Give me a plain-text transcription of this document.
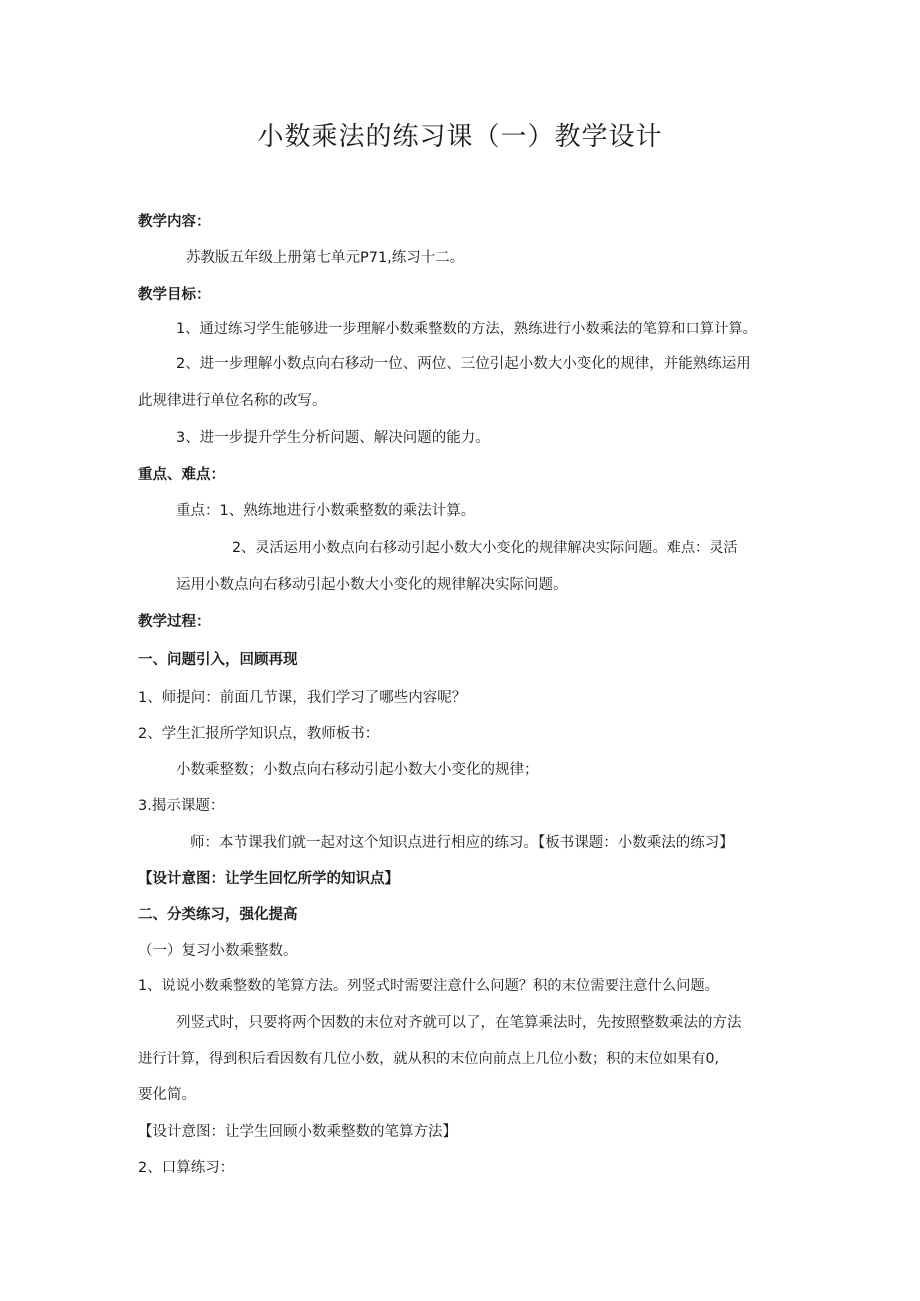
小数乘法的练习课（一）教学设计
教学内容：
苏教版五年级上册第七单元P71,练习十二。
教学目标：
1、通过练习学生能够进一步理解小数乘整数的方法，熟练进行小数乘法的笔算和口算计算。
2、进一步理解小数点向右移动一位、两位、三位引起小数大小变化的规律，并能熟练运用
此规律进行单位名称的改写。
3、进一步提升学生分析问题、解决问题的能力。
重点、难点：
重点：1、熟练地进行小数乘整数的乘法计算。
2、灵活运用小数点向右移动引起小数大小变化的规律解决实际问题。难点：灵活
运用小数点向右移动引起小数大小变化的规律解决实际问题。
教学过程：
一、问题引入，回顾再现
1、师提问：前面几节课，我们学习了哪些内容呢？
2、学生汇报所学知识点，教师板书：
小数乘整数；小数点向右移动引起小数大小变化的规律；
3.揭示课题：
师：本节课我们就一起对这个知识点进行相应的练习。【板书课题：小数乘法的练习】
【设计意图：让学生回忆所学的知识点】
二、分类练习，强化提高
（一）复习小数乘整数。
1、说说小数乘整数的笔算方法。列竖式时需要注意什么问题？积的末位需要注意什么问题。
列竖式时，只要将两个因数的末位对齐就可以了，在笔算乘法时，先按照整数乘法的方法
进行计算，得到积后看因数有几位小数，就从积的末位向前点上几位小数；积的末位如果有0,
要化简。
【设计意图：让学生回顾小数乘整数的笔算方法】
2、口算练习：
